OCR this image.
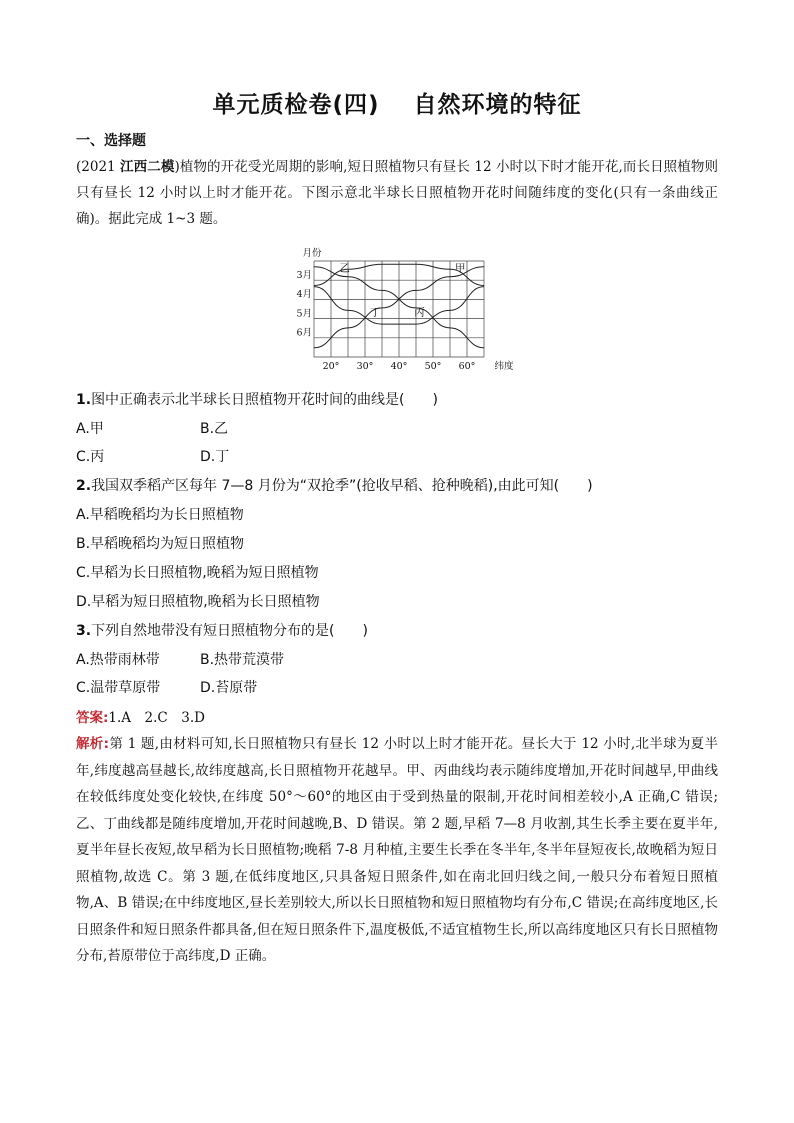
单元质检卷(四) 自然环境的特征
一、选择题
(2021 江西二模)植物的开花受光周期的影响,短日照植物只有昼长 12 小时以下时才能开花,而长日照植物则只有昼长 12 小时以上时才能开花。下图示意北半球长日照植物开花时间随纬度的变化(只有一条曲线正确)。据此完成 1~3 题。
3月
4月
5月
6月
20° 30° 40° 50° 60°
月份
纬度
乙	甲
丁	丙
1.图中正确表示北半球长日照植物开花时间的曲线是(　　)
A.甲	B.乙
C.丙	D.丁
2.我国双季稻产区每年 7—8 月份为“双抢季”(抢收早稻、抢种晚稻),由此可知(　　)
A.早稻晚稻均为长日照植物
B.早稻晚稻均为短日照植物
C.早稻为长日照植物,晚稻为短日照植物
D.早稻为短日照植物,晚稻为长日照植物
3.下列自然地带没有短日照植物分布的是(　　)
A.热带雨林带	B.热带荒漠带
C.温带草原带	D.苔原带
答案:1.A　2.C　3.D
解析:第 1 题,由材料可知,长日照植物只有昼长 12 小时以上时才能开花。昼长大于 12 小时,北半球为夏半年,纬度越高昼越长,故纬度越高,长日照植物开花越早。甲、丙曲线均表示随纬度增加,开花时间越早,甲曲线在较低纬度处变化较快,在纬度 50°～60°的地区由于受到热量的限制,开花时间相差较小,A 正确,C 错误;乙、丁曲线都是随纬度增加,开花时间越晚,B、D 错误。第 2 题,早稻 7—8 月收割,其生长季主要在夏半年,夏半年昼长夜短,故早稻为长日照植物;晚稻 7-8 月种植,主要生长季在冬半年,冬半年昼短夜长,故晚稻为短日照植物,故选 C。第 3 题,在低纬度地区,只具备短日照条件,如在南北回归线之间,一般只分布着短日照植物,A、B 错误;在中纬度地区,昼长差别较大,所以长日照植物和短日照植物均有分布,C 错误;在高纬度地区,长日照条件和短日照条件都具备,但在短日照条件下,温度极低,不适宜植物生长,所以高纬度地区只有长日照植物分布,苔原带位于高纬度,D 正确。
